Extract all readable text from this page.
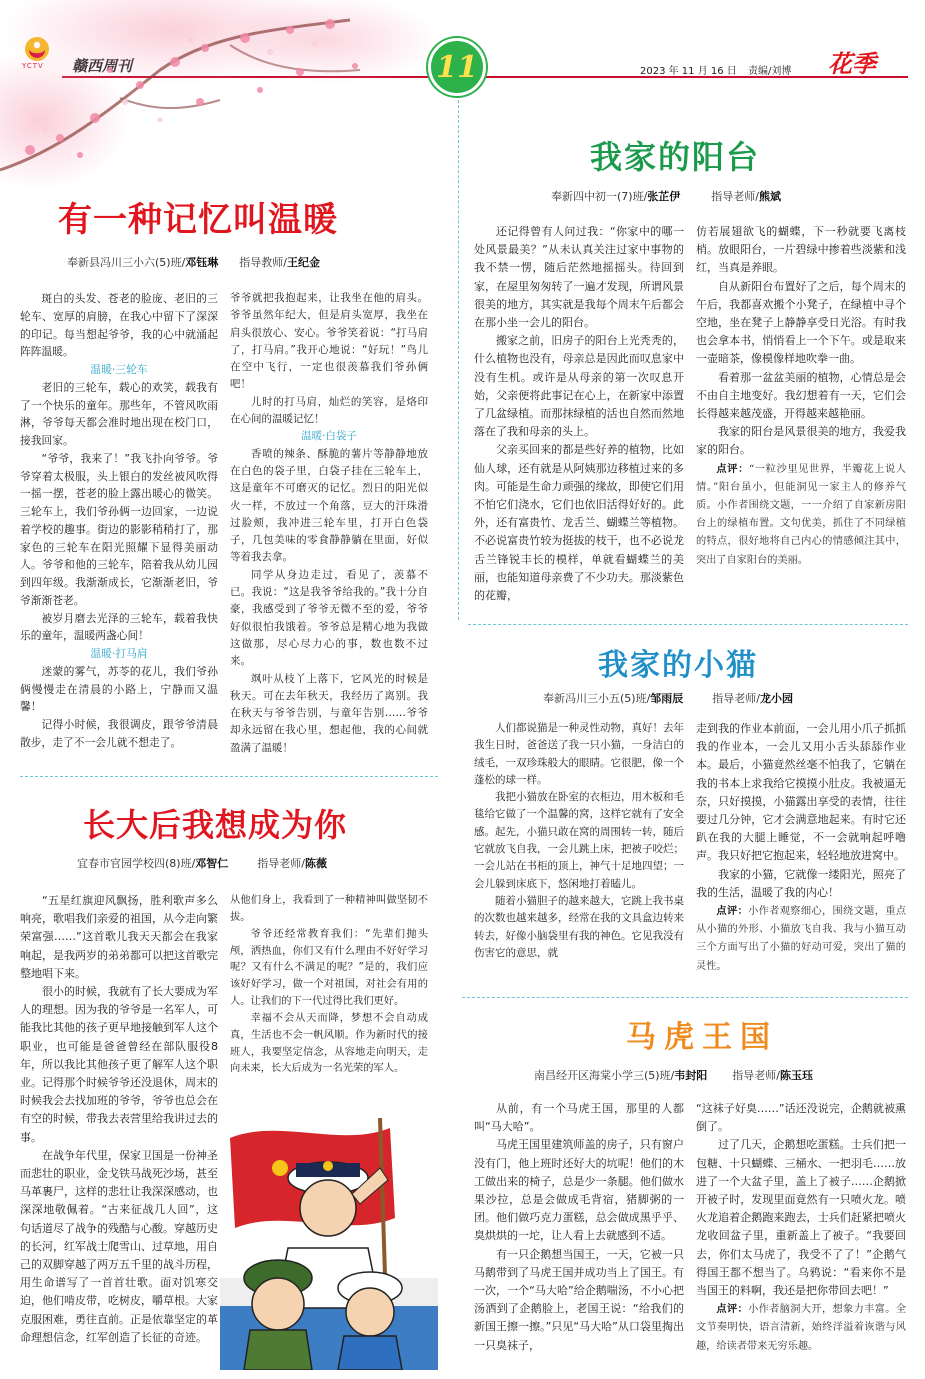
11	2023 年 11 月 16 日 责编/刘博	花季
有一种记忆叫温暖
奉新县冯川三小六(5)班/邓钰琳 指导教师/王纪金

斑白的头发、苍老的脸庞、老旧的三轮车、宽厚的肩膀，在我心中留下了深深的印记。每当想起爷爷，我的心中就涌起阵阵温暖。

温暖·三轮车

老旧的三轮车，载心的欢笑，载我有了一个快乐的童年。那些年，不管风吹雨淋，爷爷每天都会准时地出现在校门口，接我回家。

“爷爷，我来了！”我飞扑向爷爷。爷爷穿着太极服，头上银白的发丝被风吹得一摇一摆，苍老的脸上露出暖心的微笑。三轮车上，我们爷孙俩一边回家，一边说着学校的趣事。街边的影影稍稍打了，那家色的三轮车在阳光照耀下显得美丽动人。爷爷和他的三轮车，陪着我从幼儿园到四年级。我渐渐成长，它渐渐老旧，爷爷渐渐苍老。

被岁月磨去光泽的三轮车，载着我快乐的童年，温暖两盏心间！

温暖·打马肩

迷蒙的雾气，苏苓的花儿，我们爷孙俩慢慢走在清晨的小路上，宁静而又温馨！

记得小时候，我很调皮，跟爷爷清晨散步，走了不一会儿就不想走了。

爷爷就把我抱起来，让我坐在他的肩头。爷爷虽然年纪大，但是肩头宽厚，我坐在肩头很放心、安心。爷爷笑着说：“打马肩了，打马肩。”我开心地说：“好玩！”鸟儿在空中飞行，一定也很羡慕我们爷孙俩吧！

儿时的打马肩，灿烂的笑容，是烙印在心间的温暖记忆！

温暖·白袋子

香喷的辣条、酥脆的薯片等静静地放在白色的袋子里，白袋子挂在三轮车上，这是童年不可磨灭的记忆。烈日的阳光似火一样，不放过一个角落，豆大的汗珠滑过脸颊，我冲进三轮车里，打开白色袋子，几包美味的零食静静躺在里面，好似等着我去拿。

同学从身边走过，看见了，羡慕不已。我说：“这是我爷爷给我的。”我十分自豪，我感受到了爷爷无微不至的爱，爷爷好似很怕我饿着。爷爷总是精心地为我做这做那，尽心尽力心的事，数也数不过来。

飒叶从枝丫上落下，它风光的时候是秋天。可在去年秋天，我经历了离别。我在秋天与爷爷告别，与童年告别……爷爷却永远留在我心里，想起他，我的心间就盈满了温暖！

长大后我想成为你
宜春市官园学校四(8)班/邓智仁	指导老师/陈薇

“五星红旗迎风飘扬，胜利歌声多么响亮，歌唱我们亲爱的祖国，从今走向繁荣富强……”这首歌儿我天天都会在我家响起，是我两岁的弟弟都可以把这首歌完整地唱下来。

很小的时候，我就有了长大要成为军人的理想。因为我的爷爷是一名军人，可能我比其他的孩子更早地接触到军人这个职业，也可能是爸爸曾经在部队服役8年，所以我比其他孩子更了解军人这个职业。记得那个时候爷爷还没退休，周末的时候我会去找加班的爷爷，爷爷也总会在有空的时候，带我去表营里给我讲过去的事。

在战争年代里，保家卫国是一份神圣而悲壮的职业，金戈铁马战死沙场，甚至马革裹尸，这样的悲壮让我深深感动，也深深地敬佩着。“古来征战几人回”，这句话道尽了战争的残酷与心酸。穿越历史的长河，红军战士爬雪山、过草地，用自己的双脚穿越了两万五千里的战斗历程，用生命谱写了一首首壮歌。面对饥寒交迫，他们啃皮带，吃树皮，嚼草根。大家克服困难，勇往直前。正是依靠坚定的革命理想信念，红军创造了长征的奇迹。

从他们身上，我看到了一种精神叫做坚韧不拔。

爷爷还经常教育我们：“先辈们抛头颅，洒热血，你们又有什么理由不好好学习呢？又有什么不满足的呢？”是的，我们应该好好学习，做一个对祖国，对社会有用的人。让我们的下一代过得比我们更好。

幸福不会从天而降，梦想不会自动成真，生活也不会一帆风顺。作为新时代的接班人，我要坚定信念，从容地走向明天，走向未来，长大后成为一名光荣的军人。

我家的阳台
奉新四中初一(7)班/张芷伊	指导老师/熊斌

还记得曾有人问过我：“你家中的哪一处风景最美？”从未认真关注过家中事物的我不禁一愣，随后茫然地摇摇头。待回到家，在屋里匆匆转了一遍才发现，所谓风景很美的地方，其实就是我每个周末午后都会在那小坐一会儿的阳台。

搬家之前，旧房子的阳台上光秃秃的，什么植物也没有，母亲总是因此而叹息家中没有生机。或许是从母亲的第一次叹息开始，父亲便将此事记在心上，在新家中添置了几盆绿植。而那抹绿植的活也自然而然地落在了我和母亲的头上。

父亲买回来的都是些好养的植物，比如仙人球，还有就是从阿姨那边移植过来的多肉。可能是生命力顽强的缘故，即使它们用不怕它们浇水，它们也依旧活得好好的。此外，还有富贵竹、龙舌兰、蝴蝶兰等植物。不必说富贵竹较为挺拔的枝干，也不必说龙舌兰锋锐丰长的模样，单就看蝴蝶兰的美丽，也能知道母亲费了不少功夫。那淡紫色的花瓣，

仿若展翅欲飞的蝴蝶，下一秒就要飞离枝梢。放眼阳台，一片碧绿中掺着些淡紫和浅红，当真是养眼。

自从新阳台布置好了之后，每个周末的午后，我都喜欢搬个小凳子，在绿植中寻个空地，坐在凳子上静静享受日光浴。有时我也会拿本书，悄悄看上一个下午。或是取来一壶暗茶，像模像样地吹拳一曲。

看着那一盆盆美丽的植物，心情总是会不由自主地变好。我幻想着有一天，它们会长得越来越茂盛，开得越来越艳丽。

我家的阳台是风景很美的地方，我爱我家的阳台。

点评：“一粒沙里见世界，半瓣花上说人情。”阳台虽小，但能洞见一家主人的修养气质。小作者围绕文题，一一介绍了自家新房阳台上的绿植布置。文句优美，抓住了不同绿植的特点，很好地将自己内心的情感倾注其中，突出了自家阳台的美丽。

我家的小猫
奉新冯川三小五(5)班/邹雨辰	指导老师/龙小园

人们都说猫是一种灵性动物，真好！去年我生日时，爸爸送了我一只小猫，一身洁白的绒毛，一双珍珠般大的眼睛。它很肥，像一个蓬松的球一样。

我把小猫放在卧室的衣柜边，用木板和毛毯给它做了一个温馨的窝，这样它就有了安全感。起先，小猫只敢在窝的周围转一转，随后它就放飞自我，一会儿跳上床，把被子咬烂；一会儿站在书柜的顶上，神气十足地四望；一会儿躲到床底下，悠闲地打着瞌儿。

随着小猫胆子的越来越大，它跳上我书桌的次数也越来越多，经常在我的文具盒边转来转去，好像小脑袋里有我的神色。它见我没有伤害它的意思，就

走到我的作业本前面，一会儿用小爪子抓抓我的作业本，一会儿又用小舌头舔舔作业本。最后，小猫竟然丝毫不怕我了，它躺在我的书本上求我给它摸摸小肚皮。我被逼无奈，只好摸摸，小猫露出享受的表情，往往要过几分钟，它才会满意地起来。有时它还趴在我的大腿上睡觉，不一会就响起呼噜声。我只好把它抱起来，轻轻地放进窝中。

我家的小猫，它就像一缕阳光，照亮了我的生活，温暖了我的内心！

点评：小作者观察细心，围绕文题，重点从小猫的外形、小猫放飞自我、我与小猫互动三个方面写出了小猫的好动可爱，突出了猫的灵性。

马虎王国
南昌经开区海棠小学三(5)班/韦封阳 指导老师/陈玉珏

从前，有一个马虎王国，那里的人都叫“马大哈”。

马虎王国里建筑师盖的房子，只有窗户没有门，他上班时还好大的坑呢！他们的木工做出来的椅子，总是少一条腿。他们做水果沙拉，总是会做成毛背宿，猪脚粥的一团。他们做巧克力蛋糕，总会做成黑乎乎、臭烘烘的一坨，让人看上去就感到不适。

有一只企鹅想当国王，一天，它被一只马鹅带到了马虎王国并成功当上了国王。有一次，一个“马大哈”给企鹅喘汤，不小心把汤洒到了企鹅脸上，老国王说：“给我们的新国王擦一擦。”只见“马大哈”从口袋里掏出一只臭袜子，

“这袜子好臭……”话还没说完，企鹅就被熏倒了。

过了几天，企鹅想吃蛋糕。士兵们把一包糖、十只蝴蝶、三桶水、一把羽毛……放进了一个大盆子里，盖上了被子……企鹅掀开被子时，发现里面竟然有一只喷火龙。喷火龙追着企鹅跑来跑去，士兵们赶紧把喷火龙收回盆子里，重新盖上了被子。“我要回去，你们太马虎了，我受不了了！”企鹅气得国王都不想当了。乌鸦说：“看来你不是当国王的料啊，我还是把你带回去吧！”

点评：小作者脑洞大开，想象力丰富。全文节奏明快，语言清新，始终洋溢着诙谐与风趣，给读者带来无穷乐趣。
